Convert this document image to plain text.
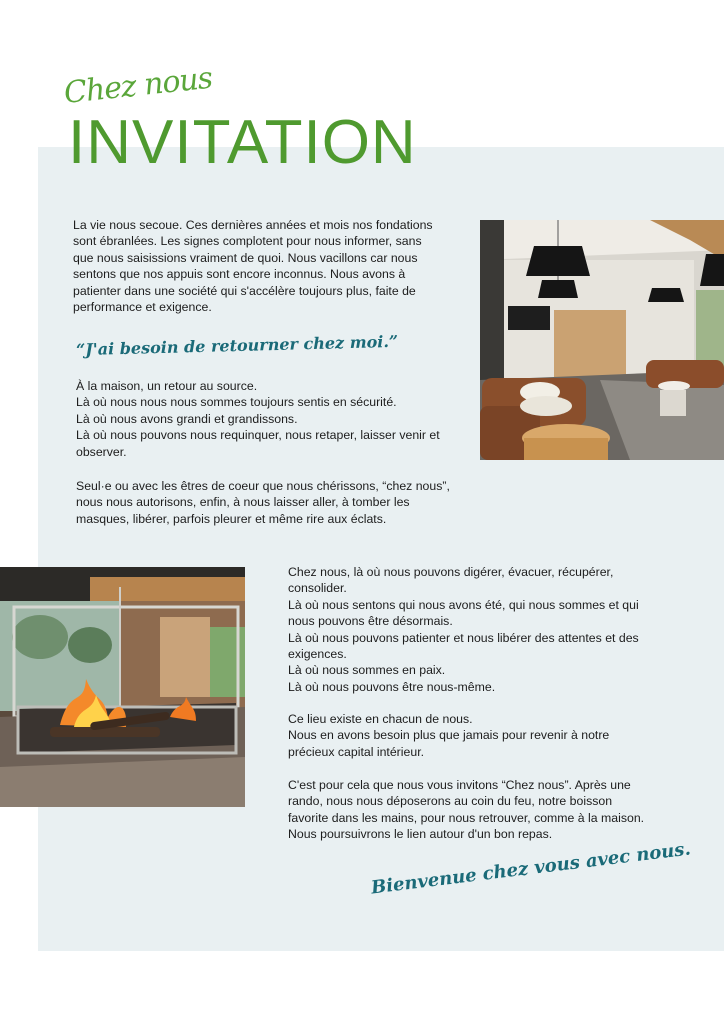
Chez nous
INVITATION

La vie nous secoue. Ces dernières années et mois nos fondations sont ébranlées. Les signes complotent pour nous informer, sans que nous saisissions vraiment de quoi. Nous vacillons car nous sentons que nos appuis sont encore inconnus. Nous avons à patienter dans une société qui s'accélère toujours plus, faite de performance et exigence.

“J'ai besoin de retourner chez moi.”

À la maison, un retour au source.

Là où nous nous nous sommes toujours sentis en sécurité.

Là où nous avons grandi et grandissons.

Là où nous pouvons nous requinquer, nous retaper, laisser venir et observer.

Seul·e ou avec les êtres de coeur que nous chérissons, “chez nous”, nous nous autorisons, enfin, à nous laisser aller, à tomber les masques, libérer, parfois pleurer et même rire aux éclats.

Chez nous, là où nous pouvons digérer, évacuer, récupérer, consolider.

Là où nous sentons qui nous avons été, qui nous sommes et qui nous pouvons être désormais.

Là où nous pouvons patienter et nous libérer des attentes et des exigences.

Là où nous sommes en paix.

Là où nous pouvons être nous-même.

Ce lieu existe en chacun de nous.

Nous en avons besoin plus que jamais pour revenir à notre précieux capital intérieur.

C'est pour cela que nous vous invitons “Chez nous”. Après une rando, nous nous déposerons au coin du feu, notre boisson favorite dans les mains, pour nous retrouver, comme à la maison. Nous poursuivrons le lien autour d'un bon repas.

Bienvenue chez vous avec nous.
